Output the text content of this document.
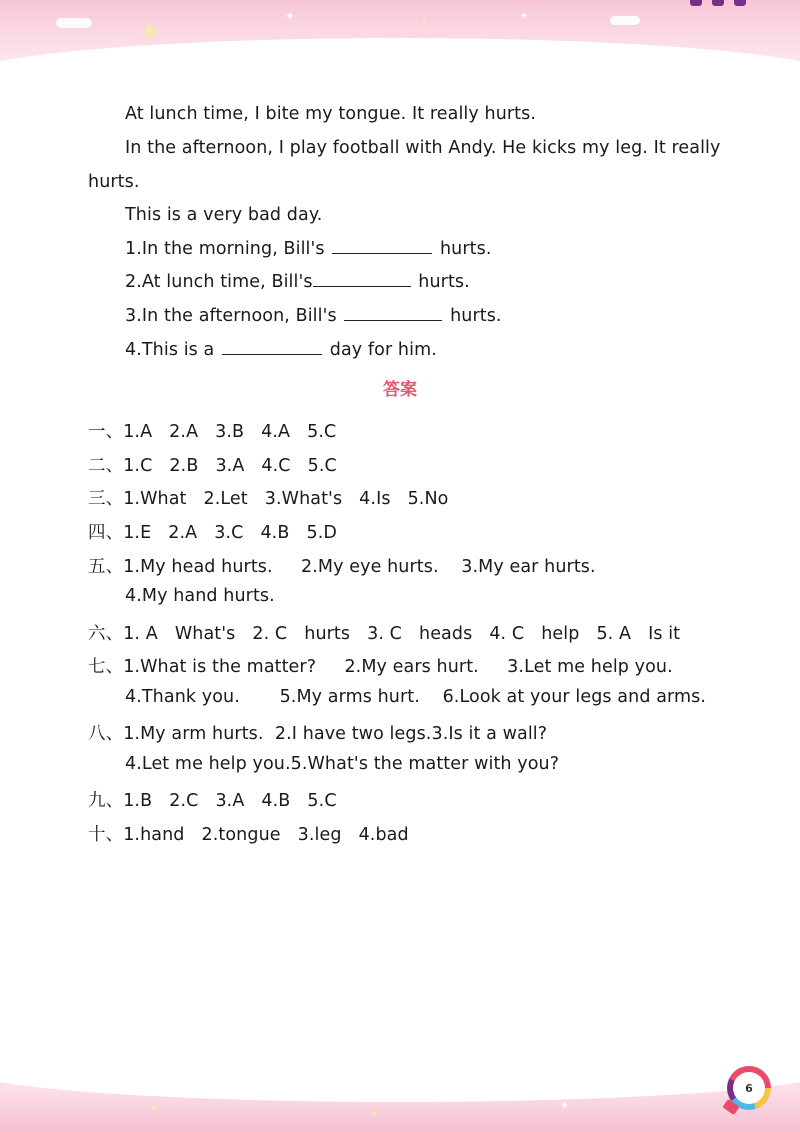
✚
✦	✦
✦
At lunch time, I bite my tongue. It really hurts.
In the afternoon, I play football with Andy. He kicks my leg. It really
hurts.
This is a very bad day.
1.In the morning, Bill's	hurts.
2.At lunch time, Bill's	hurts.
3.In the afternoon, Bill's	hurts.
4.This is a	day for him.
答案
一、1.A 2.A 3.B 4.A 5.C
二、1.C 2.B 3.A 4.C 5.C
三、1.What 2.Let 3.What's 4.Is 5.No
四、1.E 2.A 3.C 4.B 5.D
五、1.My head hurts. 2.My eye hurts. 3.My ear hurts.
4.My hand hurts.
六、1. A What's 2. C hurts 3. C heads 4. C help 5. A Is it
七、1.What is the matter? 2.My ears hurt. 3.Let me help you.
4.Thank you. 5.My arms hurt. 6.Look at your legs and arms.
八、1.My arm hurts. 2.I have two legs.3.Is it a wall?
4.Let me help you.5.What's the matter with you?
九、1.B 2.C 3.A 4.B 5.C
十、1.hand 2.tongue 3.leg 4.bad
✦
✦
✦
6
